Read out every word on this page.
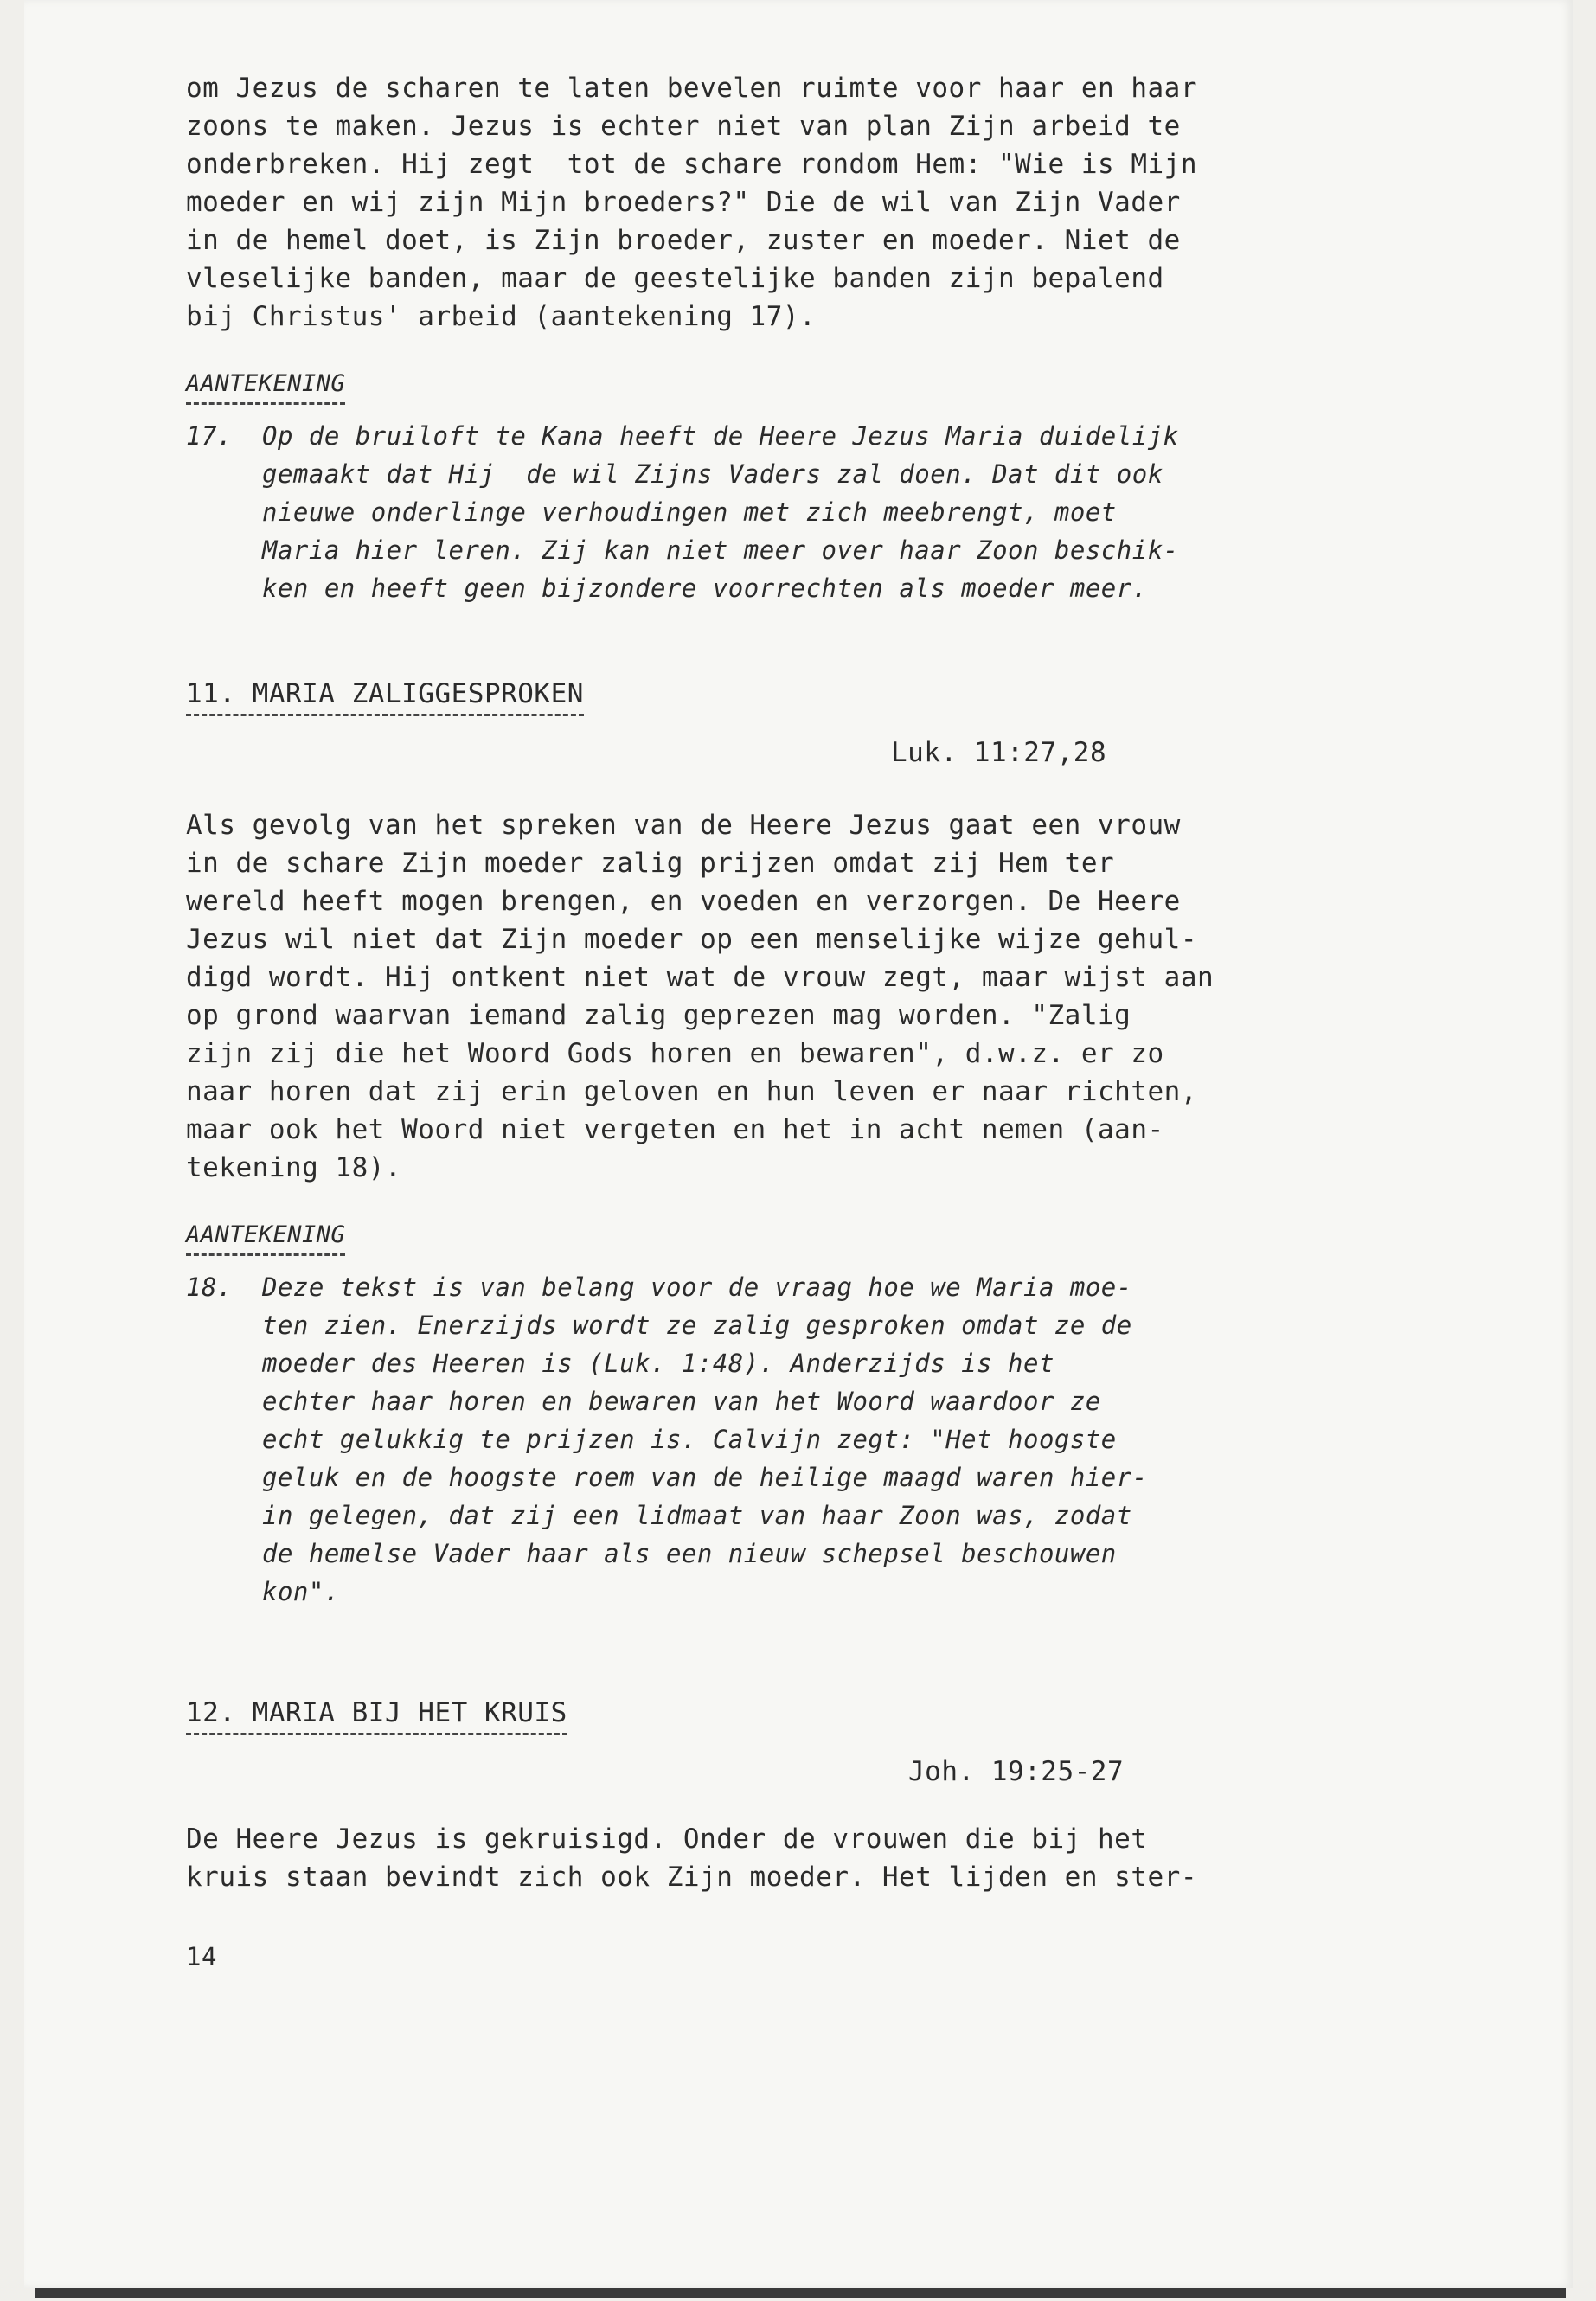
om Jezus de scharen te laten bevelen ruimte voor haar en haar
zoons te maken. Jezus is echter niet van plan Zijn arbeid te
onderbreken. Hij zegt  tot de schare rondom Hem: "Wie is Mijn
moeder en wij zijn Mijn broeders?" Die de wil van Zijn Vader
in de hemel doet, is Zijn broeder, zuster en moeder. Niet de
vleselijke banden, maar de geestelijke banden zijn bepalend
bij Christus' arbeid (aantekening 17).

AANTEKENING
17. Op de bruiloft te Kana heeft de Heere Jezus Maria duidelijk
gemaakt dat Hij  de wil Zijns Vaders zal doen. Dat dit ook
nieuwe onderlinge verhoudingen met zich meebrengt, moet
Maria hier leren. Zij kan niet meer over haar Zoon beschik-
ken en heeft geen bijzondere voorrechten als moeder meer.
11. MARIA ZALIGGESPROKEN
Luk. 11:27,28

Als gevolg van het spreken van de Heere Jezus gaat een vrouw
in de schare Zijn moeder zalig prijzen omdat zij Hem ter
wereld heeft mogen brengen, en voeden en verzorgen. De Heere
Jezus wil niet dat Zijn moeder op een menselijke wijze gehul-
digd wordt. Hij ontkent niet wat de vrouw zegt, maar wijst aan
op grond waarvan iemand zalig geprezen mag worden. "Zalig
zijn zij die het Woord Gods horen en bewaren", d.w.z. er zo
naar horen dat zij erin geloven en hun leven er naar richten,
maar ook het Woord niet vergeten en het in acht nemen (aan-
tekening 18).

AANTEKENING
18. Deze tekst is van belang voor de vraag hoe we Maria moe-
ten zien. Enerzijds wordt ze zalig gesproken omdat ze de
moeder des Heeren is (Luk. 1:48). Anderzijds is het
echter haar horen en bewaren van het Woord waardoor ze
echt gelukkig te prijzen is. Calvijn zegt: "Het hoogste
geluk en de hoogste roem van de heilige maagd waren hier-
in gelegen, dat zij een lidmaat van haar Zoon was, zodat
de hemelse Vader haar als een nieuw schepsel beschouwen
kon".
12. MARIA BIJ HET KRUIS
Joh. 19:25-27

De Heere Jezus is gekruisigd. Onder de vrouwen die bij het
kruis staan bevindt zich ook Zijn moeder. Het lijden en ster-

14
